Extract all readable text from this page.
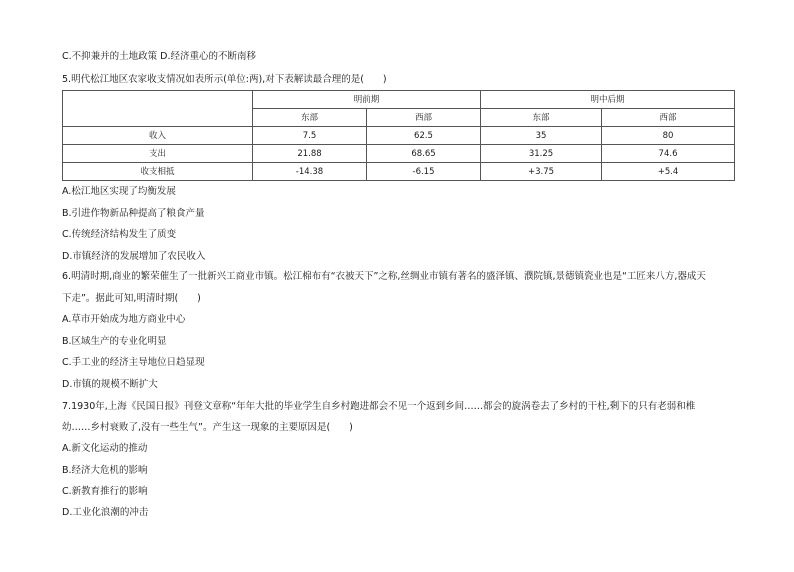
C.不抑兼并的土地政策 D.经济重心的不断南移
5.明代松江地区农家收支情况如表所示(单位:两),对下表解读最合理的是(　　)
	明前期		明中后期	
	东部	西部	东部	西部
收入	7.5	62.5	35	80
支出	21.88	68.65	31.25	74.6
收支相抵	-14.38	-6.15	+3.75	+5.4
A.松江地区实现了均衡发展
B.引进作物新品种提高了粮食产量
C.传统经济结构发生了质变
D.市镇经济的发展增加了农民收入
6.明清时期,商业的繁荣催生了一批新兴工商业市镇。松江棉布有“衣被天下”之称,丝绸业市镇有著名的盛泽镇、濮院镇,景德镇瓷业也是“工匠来八方,器成天
下走”。据此可知,明清时期(　　)
A.草市开始成为地方商业中心
B.区域生产的专业化明显
C.手工业的经济主导地位日趋显现
D.市镇的规模不断扩大
7.1930年,上海《民国日报》刊登文章称“年年大批的毕业学生自乡村跑进都会不见一个返到乡间……都会的旋涡卷去了乡村的干柱,剩下的只有老弱和椎
幼……乡村衰败了,没有一些生气”。产生这一现象的主要原因是(　　)
A.新文化运动的推动
B.经济大危机的影响
C.新教育推行的影响
D.工业化浪潮的冲击
